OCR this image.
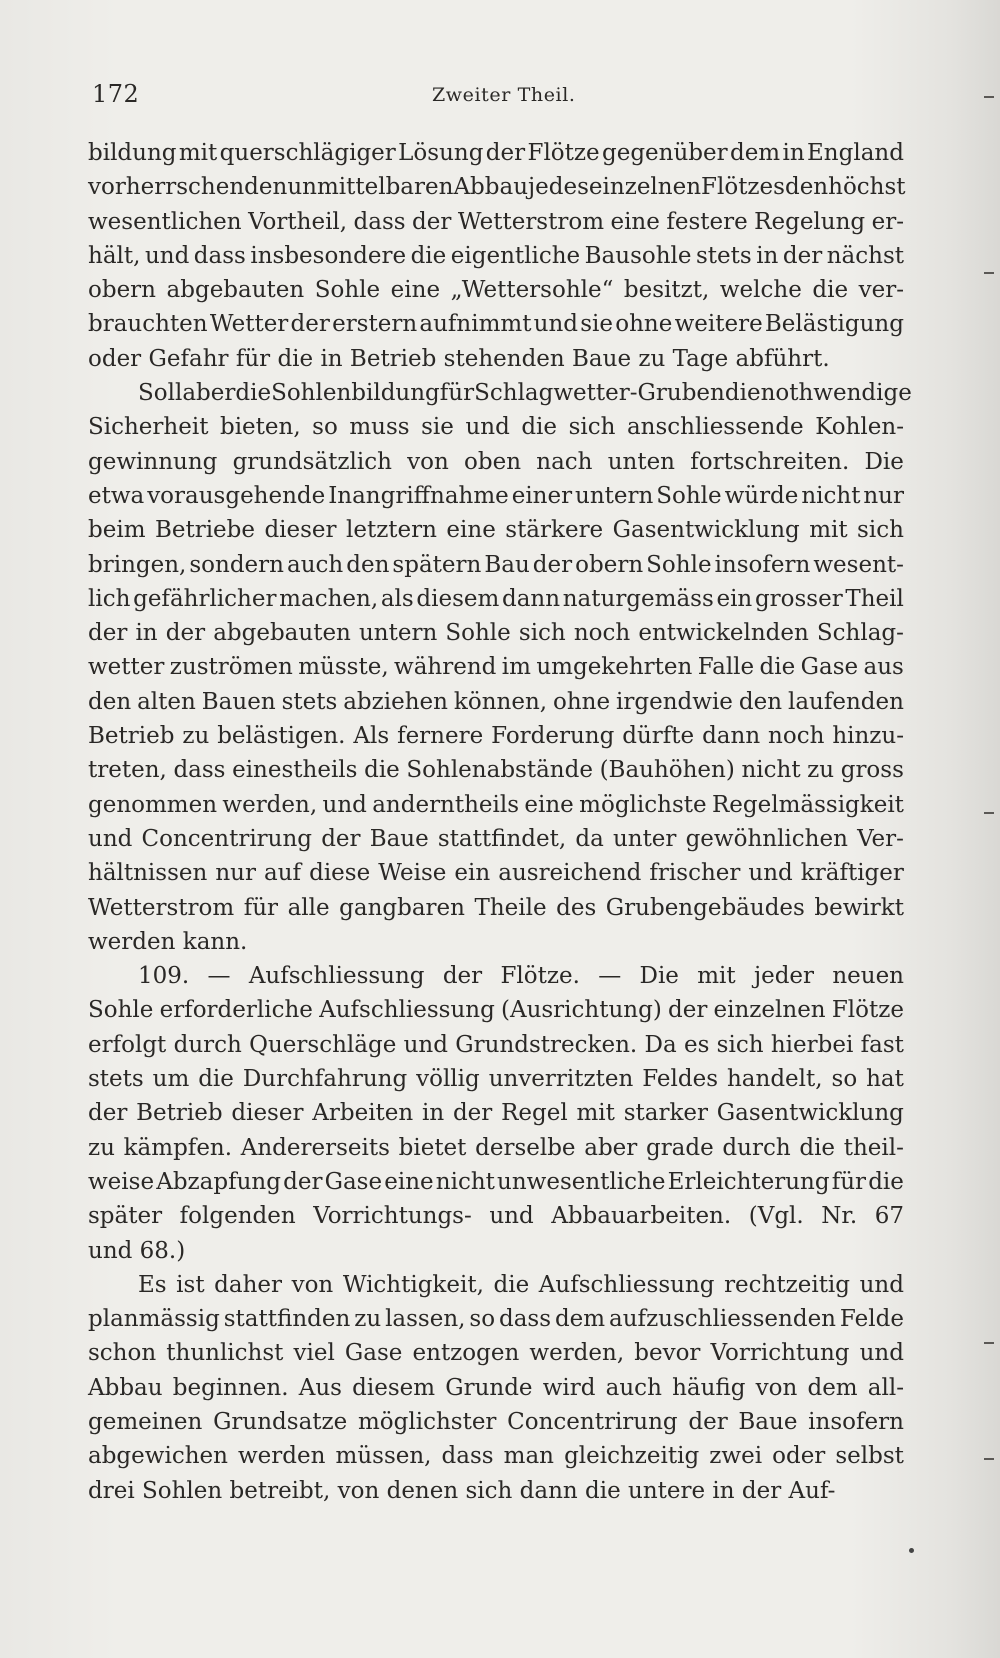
172	Zweiter Theil.
bildung mit querschlägiger Lösung der Flötze gegenüber dem in England
vorherrschenden unmittelbaren Abbau jedes einzelnen Flötzes den höchst
wesentlichen Vortheil, dass der Wetterstrom eine festere Regelung er-
hält, und dass insbesondere die eigentliche Bausohle stets in der nächst
obern abgebauten Sohle eine „Wettersohle“ besitzt, welche die ver-
brauchten Wetter der erstern aufnimmt und sie ohne weitere Belästigung
oder Gefahr für die in Betrieb stehenden Baue zu Tage abführt.
Soll aber die Sohlenbildung für Schlagwetter-Gruben die nothwendige
Sicherheit bieten, so muss sie und die sich anschliessende Kohlen-
gewinnung grundsätzlich von oben nach unten fortschreiten. Die
etwa vorausgehende Inangriffnahme einer untern Sohle würde nicht nur
beim Betriebe dieser letztern eine stärkere Gasentwicklung mit sich
bringen, sondern auch den spätern Bau der obern Sohle insofern wesent-
lich gefährlicher machen, als diesem dann naturgemäss ein grosser Theil
der in der abgebauten untern Sohle sich noch entwickelnden Schlag-
wetter zuströmen müsste, während im umgekehrten Falle die Gase aus
den alten Bauen stets abziehen können, ohne irgendwie den laufenden
Betrieb zu belästigen. Als fernere Forderung dürfte dann noch hinzu-
treten, dass einestheils die Sohlenabstände (Bauhöhen) nicht zu gross
genommen werden, und anderntheils eine möglichste Regelmässigkeit
und Concentrirung der Baue stattfindet, da unter gewöhnlichen Ver-
hältnissen nur auf diese Weise ein ausreichend frischer und kräftiger
Wetterstrom für alle gangbaren Theile des Grubengebäudes bewirkt
werden kann.
109. — Aufschliessung der Flötze. — Die mit jeder neuen
Sohle erforderliche Aufschliessung (Ausrichtung) der einzelnen Flötze
erfolgt durch Querschläge und Grundstrecken. Da es sich hierbei fast
stets um die Durchfahrung völlig unverritzten Feldes handelt, so hat
der Betrieb dieser Arbeiten in der Regel mit starker Gasentwicklung
zu kämpfen. Andererseits bietet derselbe aber grade durch die theil-
weise Abzapfung der Gase eine nicht unwesentliche Erleichterung für die
später folgenden Vorrichtungs- und Abbauarbeiten. (Vgl. Nr. 67
und 68.)
Es ist daher von Wichtigkeit, die Aufschliessung rechtzeitig und
planmässig stattfinden zu lassen, so dass dem aufzuschliessenden Felde
schon thunlichst viel Gase entzogen werden, bevor Vorrichtung und
Abbau beginnen. Aus diesem Grunde wird auch häufig von dem all-
gemeinen Grundsatze möglichster Concentrirung der Baue insofern
abgewichen werden müssen, dass man gleichzeitig zwei oder selbst
drei Sohlen betreibt, von denen sich dann die untere in der Auf-
